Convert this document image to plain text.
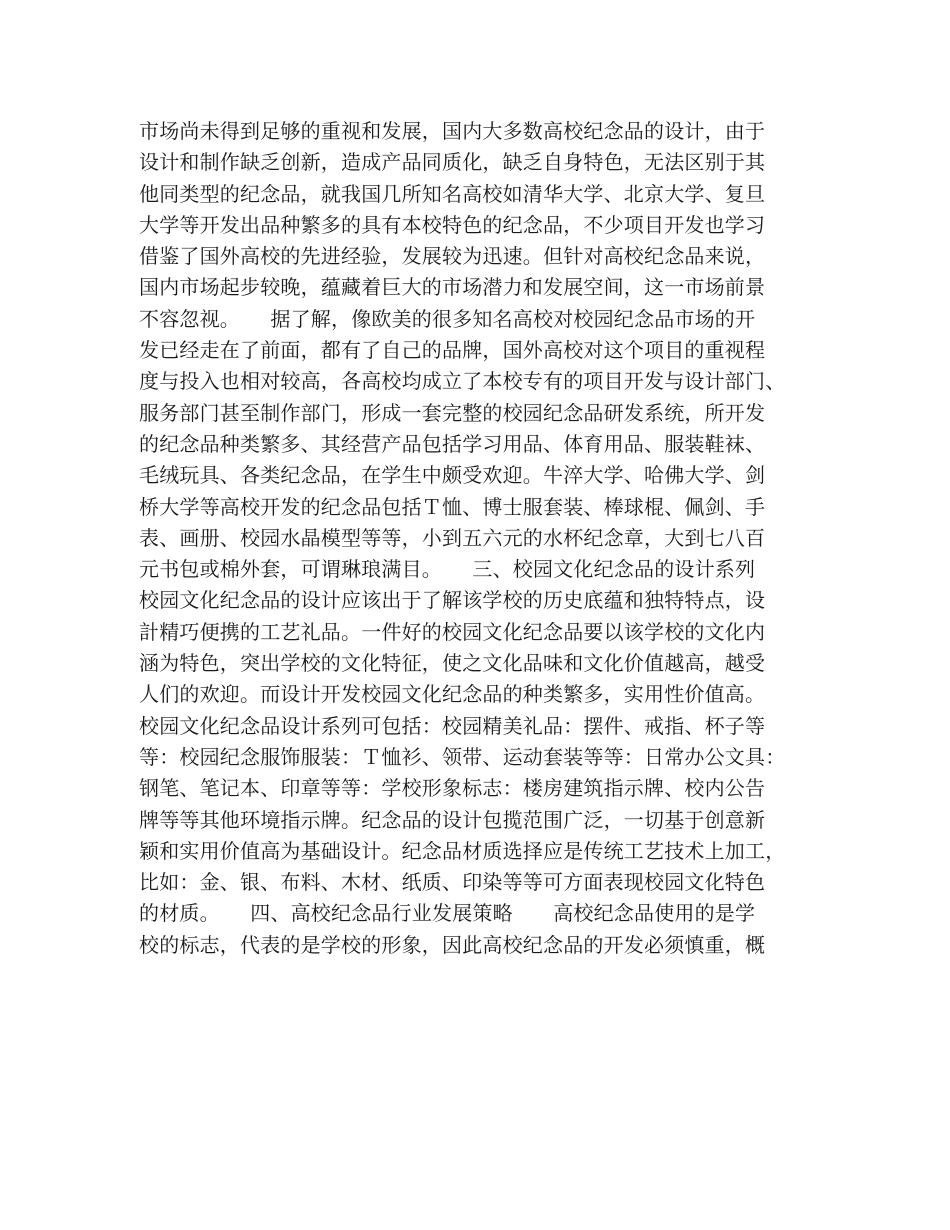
市场尚未得到足够的重视和发展，国内大多数高校纪念品的设计，由于
设计和制作缺乏创新，造成产品同质化，缺乏自身特色，无法区别于其
他同类型的纪念品，就我国几所知名高校如清华大学、北京大学、复旦
大学等开发出品种繁多的具有本校特色的纪念品，不少项目开发也学习
借鉴了国外高校的先进经验，发展较为迅速。但针对高校纪念品来说，
国内市场起步较晚，蕴藏着巨大的市场潜力和发展空间，这一市场前景
不容忽视。　　据了解，像欧美的很多知名高校对校园纪念品市场的开
发已经走在了前面，都有了自己的品牌，国外高校对这个项目的重视程
度与投入也相对较高，各高校均成立了本校专有的项目开发与设计部门、
服务部门甚至制作部门，形成一套完整的校园纪念品研发系统，所开发
的纪念品种类繁多、其经营产品包括学习用品、体育用品、服装鞋袜、
毛绒玩具、各类纪念品，在学生中颇受欢迎。牛淬大学、哈佛大学、剑
桥大学等高校开发的纪念品包括Ｔ恤、博士服套装、棒球棍、佩剑、手
表、画册、校园水晶模型等等，小到五六元的水杯纪念章，大到七八百
元书包或棉外套，可谓琳琅满目。　　三、校园文化纪念品的设计系列
校园文化纪念品的设计应该出于了解该学校的历史底蕴和独特特点，设
計精巧便携的工艺礼品。一件好的校园文化纪念品要以该学校的文化内
涵为特色，突出学校的文化特征，使之文化品味和文化价值越高，越受
人们的欢迎。而设计开发校园文化纪念品的种类繁多，实用性价值高。
校园文化纪念品设计系列可包括：校园精美礼品：摆件、戒指、杯子等
等：校园纪念服饰服装：Ｔ恤衫、领带、运动套装等等：日常办公文具：
钢笔、笔记本、印章等等：学校形象标志：楼房建筑指示牌、校内公告
牌等等其他环境指示牌。纪念品的设计包揽范围广泛，一切基于创意新
颖和实用价值高为基础设计。纪念品材质选择应是传统工艺技术上加工，
比如：金、银、布料、木材、纸质、印染等等可方面表现校园文化特色
的材质。　　四、高校纪念品行业发展策略　　高校纪念品使用的是学
校的标志，代表的是学校的形象，因此高校纪念品的开发必须慎重，概
